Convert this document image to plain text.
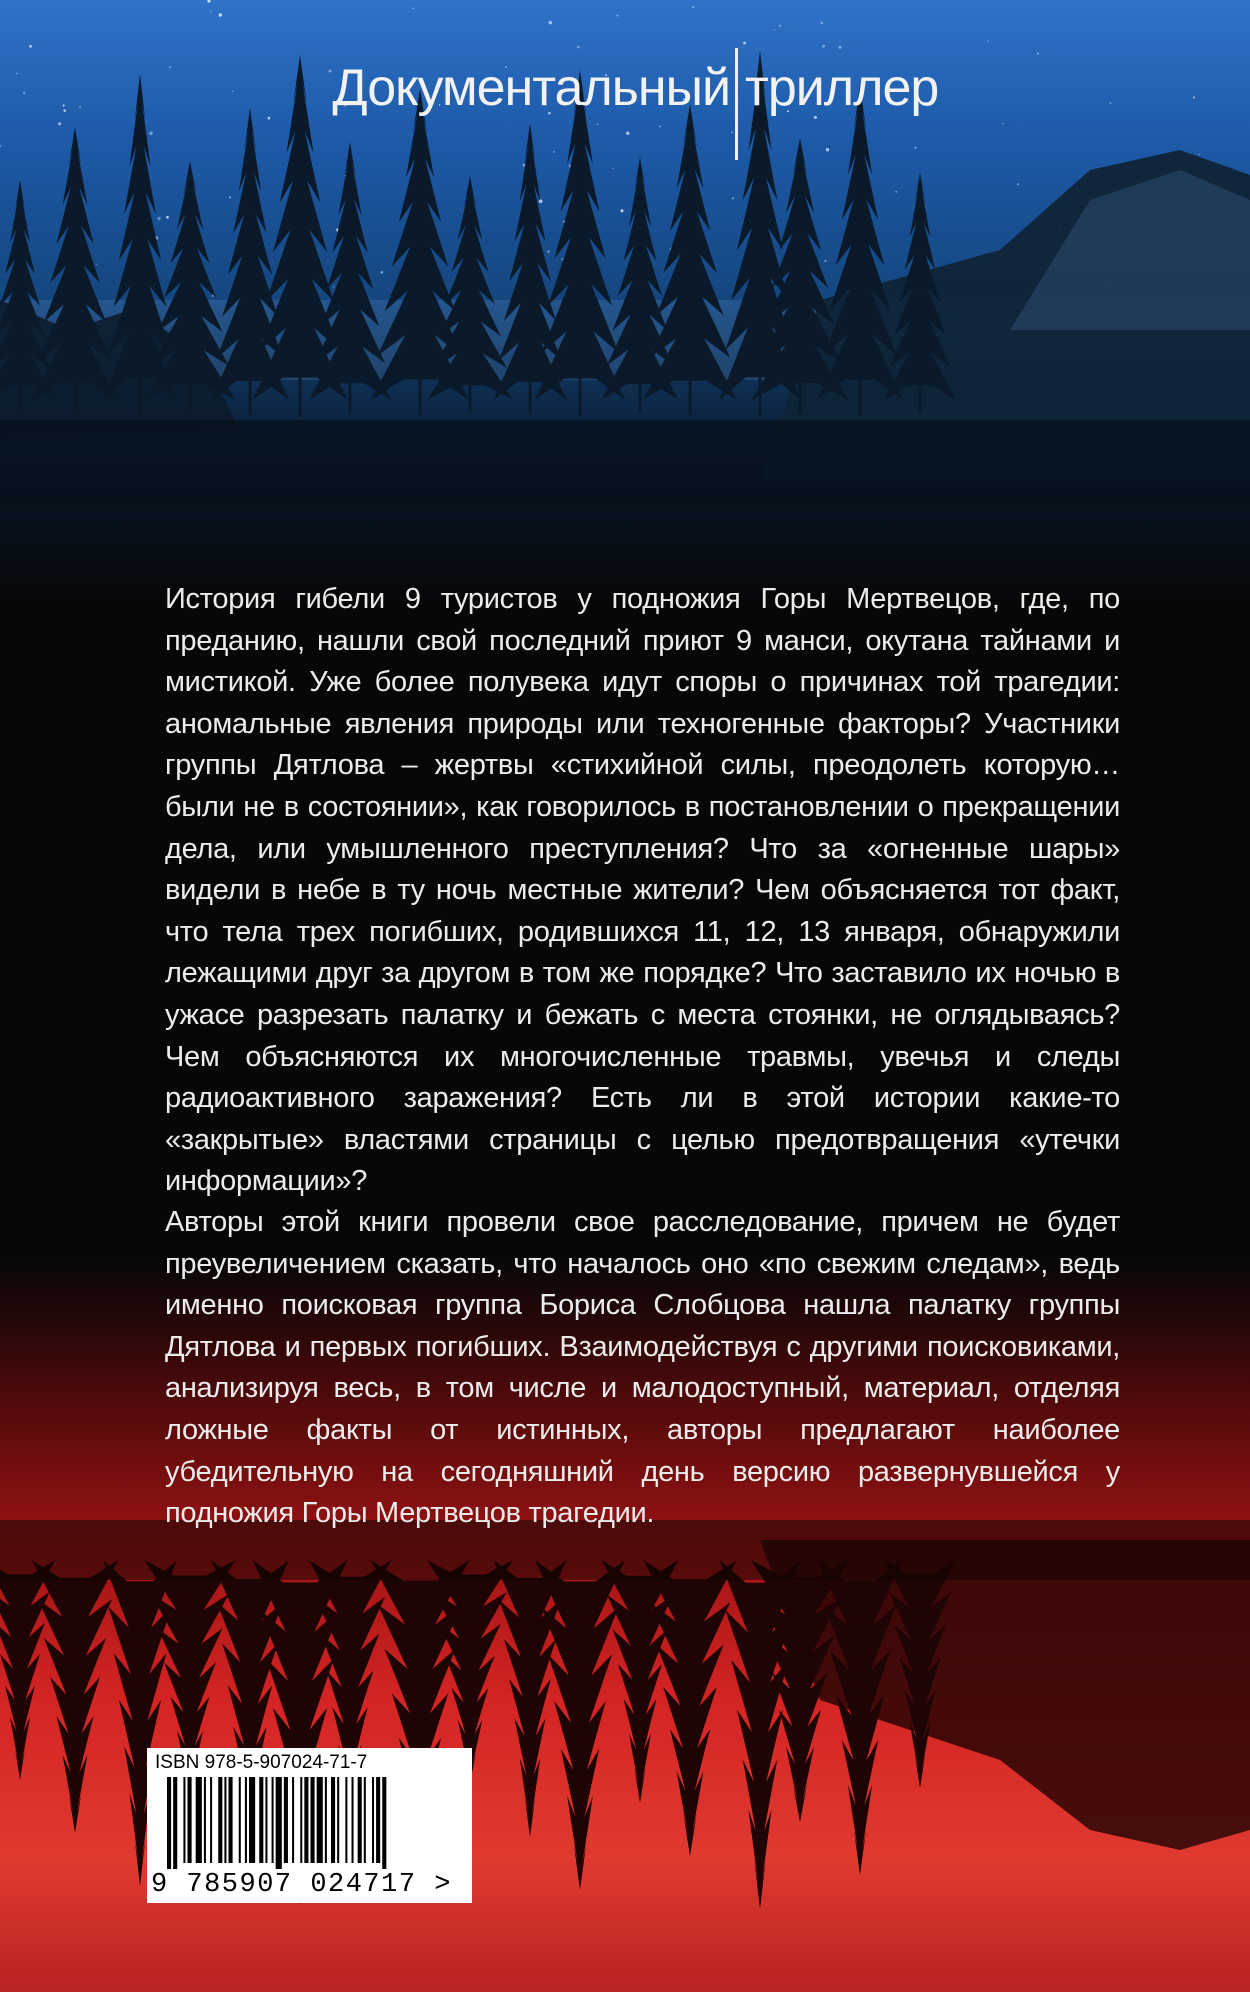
Документальный триллер

История гибели 9 туристов у подножия Горы Мертвецов, где, по преданию, нашли свой последний приют 9 манси, окутана тайнами и мистикой. Уже более полувека идут споры о причинах той трагедии: аномальные явления природы или техногенные факторы? Участники группы Дятлова – жертвы «стихийной силы, преодолеть которую… были не в состоянии», как говорилось в постановлении о прекращении дела, или умышленного преступления? Что за «огненные шары» видели в небе в ту ночь местные жители? Чем объясняется тот факт, что тела трех погибших, родившихся 11, 12, 13 января, обнаружили лежащими друг за другом в том же порядке? Что заставило их ночью в ужасе разрезать палатку и бежать с места стоянки, не оглядываясь? Чем объясняются их многочисленные травмы, увечья и следы радиоактивного заражения? Есть ли в этой истории какие-то «закрытые» властями страницы с целью предотвращения «утечки информации»?

Авторы этой книги провели свое расследование, причем не будет преувеличением сказать, что началось оно «по свежим следам», ведь именно поисковая группа Бориса Слобцова нашла палатку группы Дятлова и первых погибших. Взаимодействуя с другими поисковиками, анализируя весь, в том числе и малодоступный, материал, отделяя ложные факты от истинных, авторы предлагают наиболее убедительную на сегодняшний день версию развернувшейся у подножия Горы Мертвецов трагедии.

ISBN 978-5-907024-71-7
9 785907 024717 >
